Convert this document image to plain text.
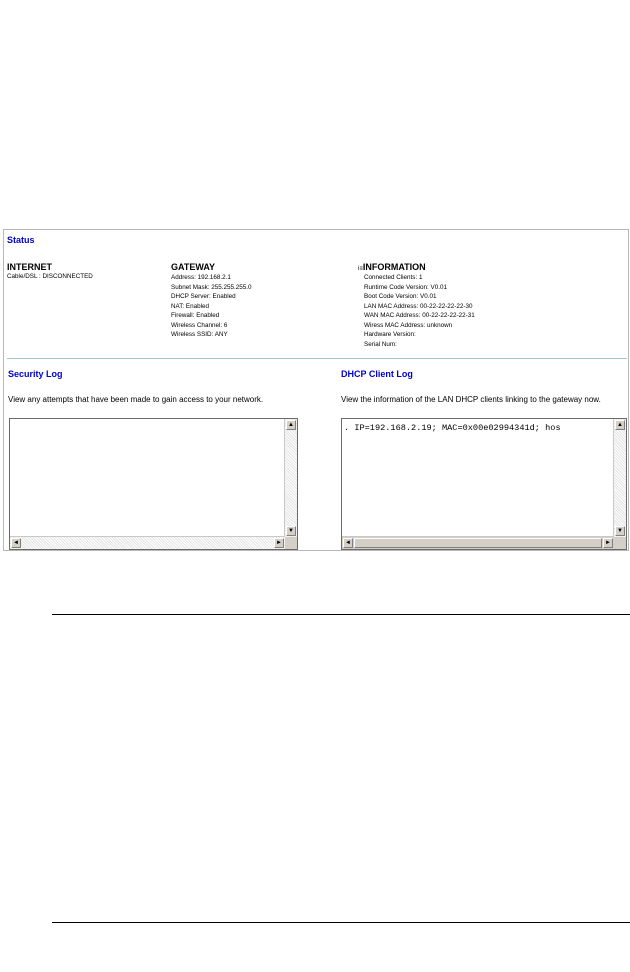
Status
INTERNET
Cable/DSL : DISCONNECTED
GATEWAY
Address: 192.168.2.1
Subnet Mask: 255.255.255.0
DHCP Server: Enabled
NAT: Enabled
Firewall: Enabled
Wireless Channel: 6
Wireless SSID: ANY
i≡INFORMATION
Connected Clients: 1
Runtime Code Version: V0.01
Boot Code Version: V0.01
LAN MAC Address: 00-22-22-22-22-30
WAN MAC Address: 00-22-22-22-22-31
Wiress MAC Address: unknown
Hardware Version:
Serial Num:
Security Log
View any attempts that have been made to gain access to your network.
▲
▼
◄	►
DHCP Client Log
View the information of the LAN DHCP clients linking to the gateway now.
. IP=192.168.2.19; MAC=0x00e02994341d; hos	▲
▼
◄	►
